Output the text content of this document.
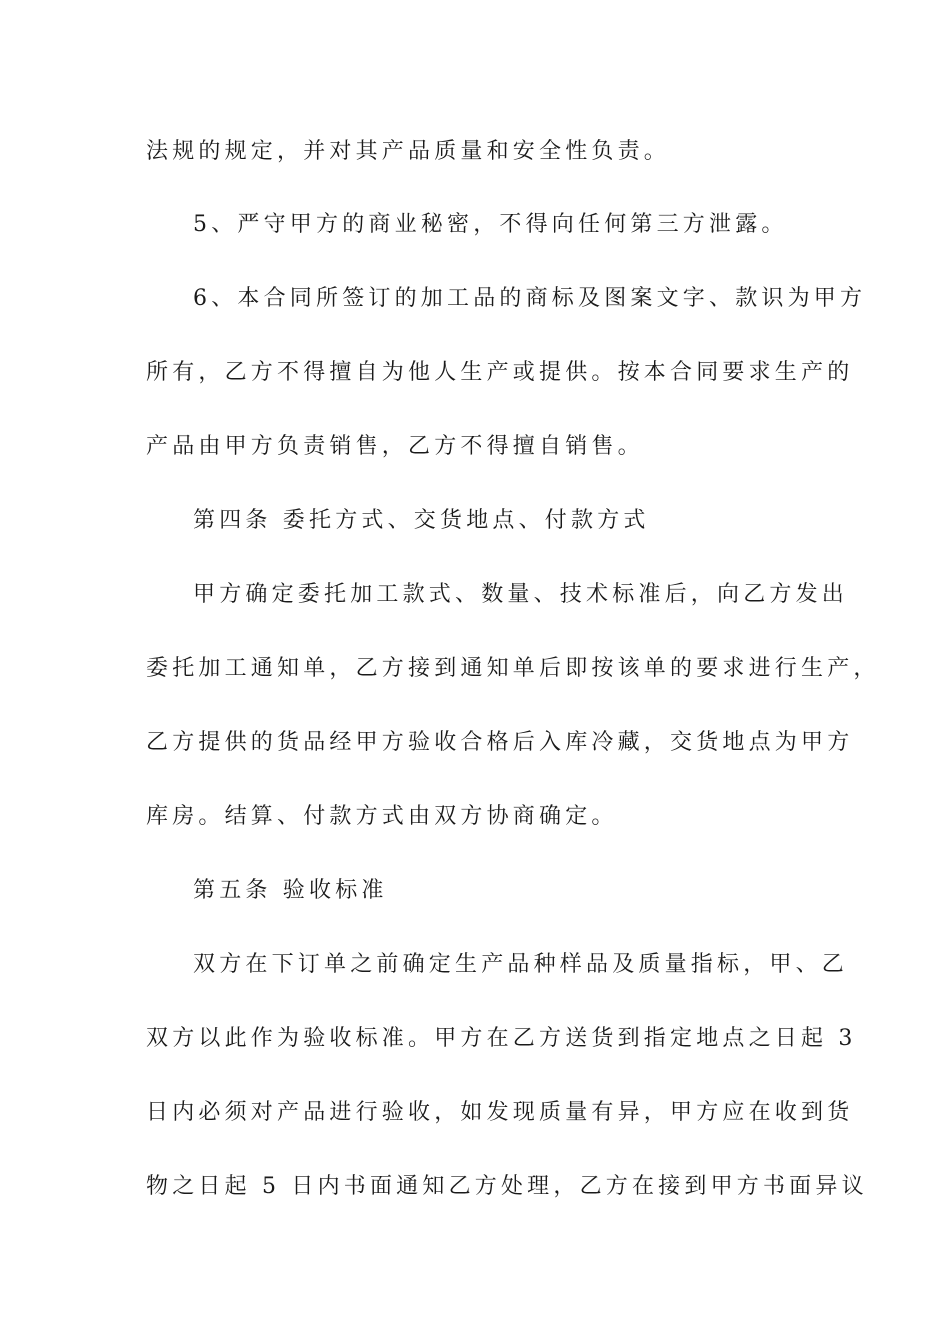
法规的规定，并对其产品质量和安全性负责。
5、严守甲方的商业秘密，不得向任何第三方泄露。
6、本合同所签订的加工品的商标及图案文字、款识为甲方
所有，乙方不得擅自为他人生产或提供。按本合同要求生产的
产品由甲方负责销售，乙方不得擅自销售。
第四条 委托方式、交货地点、付款方式
甲方确定委托加工款式、数量、技术标准后，向乙方发出
委托加工通知单，乙方接到通知单后即按该单的要求进行生产，
乙方提供的货品经甲方验收合格后入库冷藏，交货地点为甲方
库房。结算、付款方式由双方协商确定。
第五条 验收标准
双方在下订单之前确定生产品种样品及质量指标，甲、乙
双方以此作为验收标准。甲方在乙方送货到指定地点之日起 3
日内必须对产品进行验收，如发现质量有异，甲方应在收到货
物之日起 5 日内书面通知乙方处理，乙方在接到甲方书面异议
